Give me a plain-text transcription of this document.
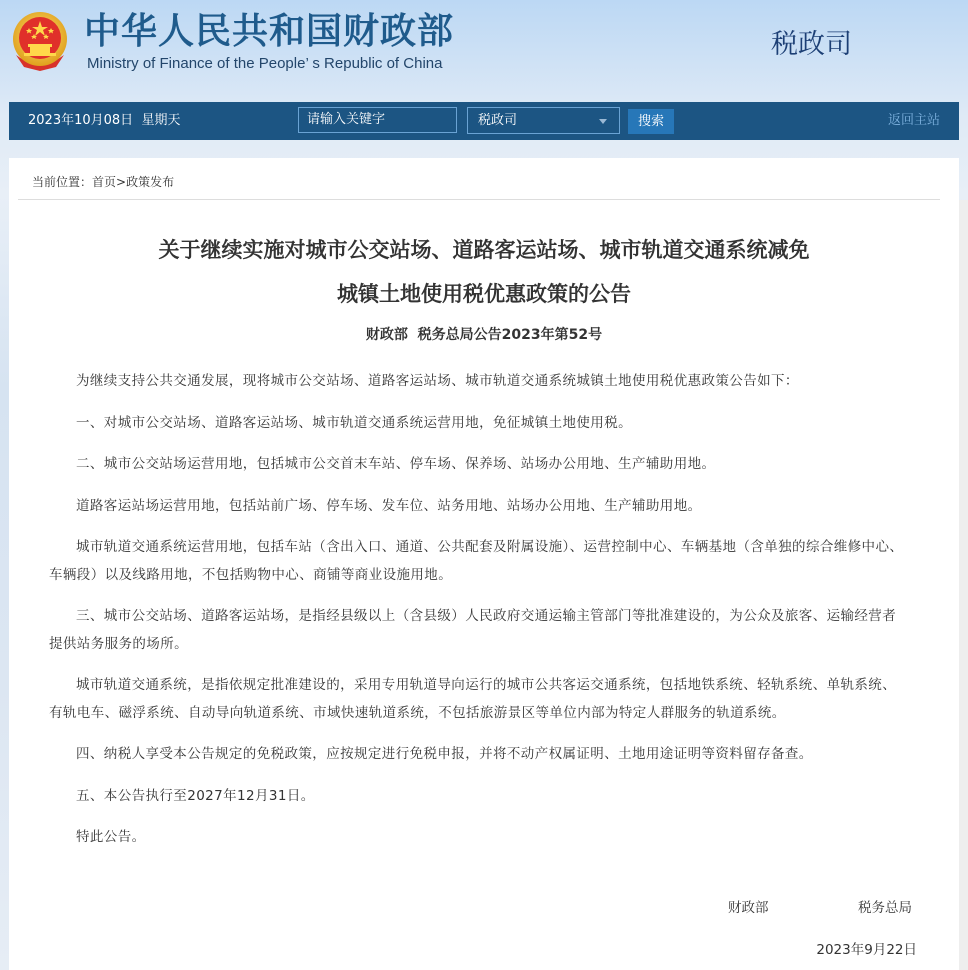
中华人民共和国财政部
Ministry of Finance of the People’ s Republic of China
税政司
2023年10月08日 星期天	请输入关键字	税政司	搜索	返回主站
当前位置：首页>政策发布
关于继续实施对城市公交站场、道路客运站场、城市轨道交通系统减免
城镇土地使用税优惠政策的公告
财政部  税务总局公告2023年第52号

为继续支持公共交通发展，现将城市公交站场、道路客运站场、城市轨道交通系统城镇土地使用税优惠政策公告如下：

一、对城市公交站场、道路客运站场、城市轨道交通系统运营用地，免征城镇土地使用税。

二、城市公交站场运营用地，包括城市公交首末车站、停车场、保养场、站场办公用地、生产辅助用地。

道路客运站场运营用地，包括站前广场、停车场、发车位、站务用地、站场办公用地、生产辅助用地。

城市轨道交通系统运营用地，包括车站（含出入口、通道、公共配套及附属设施）、运营控制中心、车辆基地（含单独的综合维修中心、车辆段）以及线路用地，不包括购物中心、商铺等商业设施用地。

三、城市公交站场、道路客运站场，是指经县级以上（含县级）人民政府交通运输主管部门等批准建设的，为公众及旅客、运输经营者提供站务服务的场所。

城市轨道交通系统，是指依规定批准建设的，采用专用轨道导向运行的城市公共客运交通系统，包括地铁系统、轻轨系统、单轨系统、有轨电车、磁浮系统、自动导向轨道系统、市域快速轨道系统，不包括旅游景区等单位内部为特定人群服务的轨道系统。

四、纳税人享受本公告规定的免税政策，应按规定进行免税申报，并将不动产权属证明、土地用途证明等资料留存备查。

五、本公告执行至2027年12月31日。

特此公告。

财政部	税务总局
2023年9月22日
